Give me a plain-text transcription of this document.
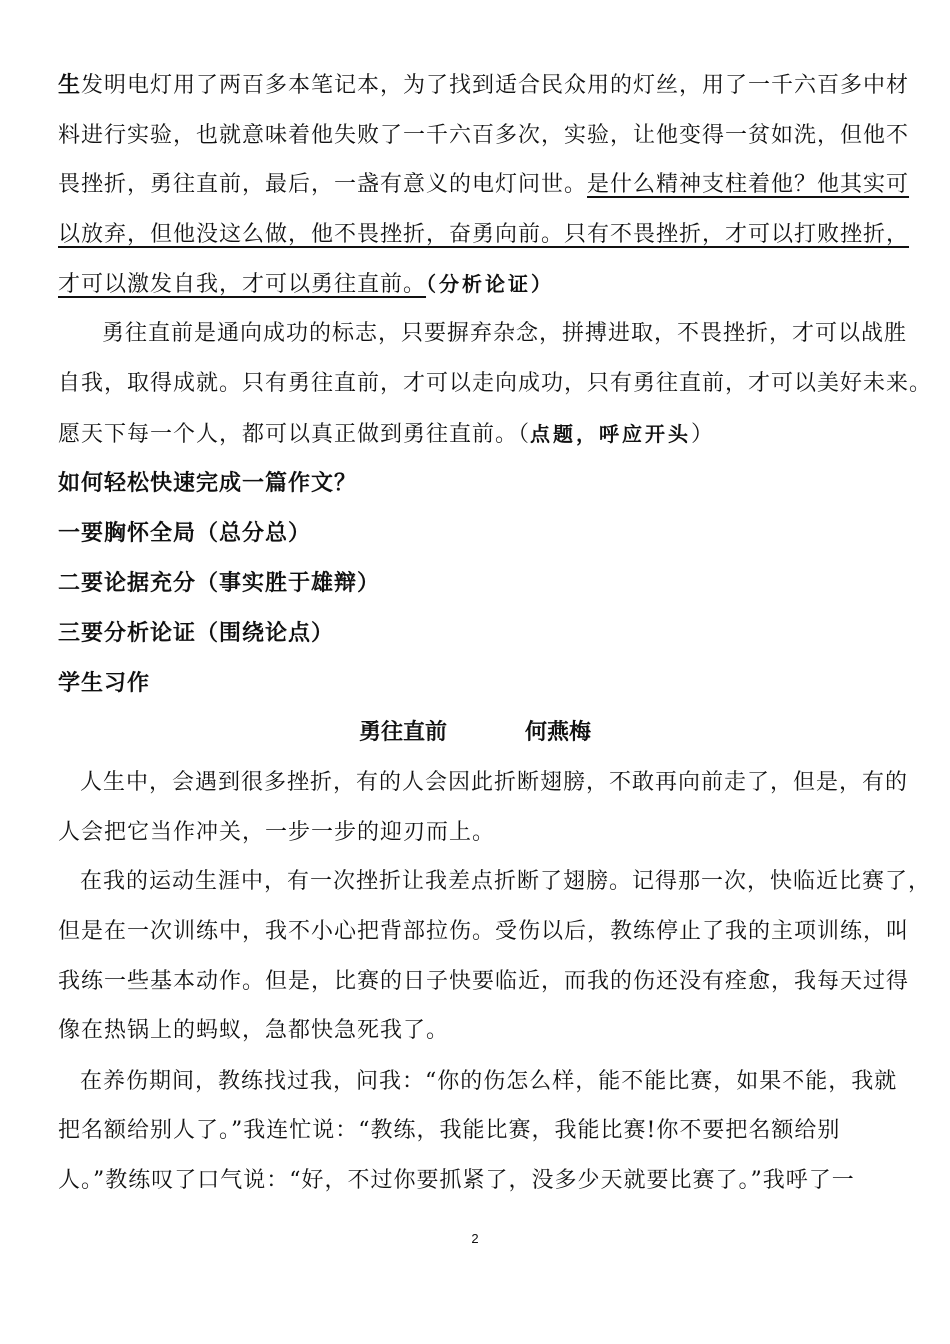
生发明电灯用了两百多本笔记本，为了找到适合民众用的灯丝，用了一千六百多中材
料进行实验，也就意味着他失败了一千六百多次，实验，让他变得一贫如洗，但他不
畏挫折，勇往直前，最后，一盏有意义的电灯问世。是什么精神支柱着他？他其实可
以放弃，但他没这么做，他不畏挫折，奋勇向前。只有不畏挫折，才可以打败挫折，
才可以激发自我，才可以勇往直前。（分析论证）
勇往直前是通向成功的标志，只要摒弃杂念，拼搏进取，不畏挫折，才可以战胜
自我，取得成就。只有勇往直前，才可以走向成功，只有勇往直前，才可以美好未来。
愿天下每一个人，都可以真正做到勇往直前。（点题，呼应开头）
如何轻松快速完成一篇作文？
一要胸怀全局（总分总）
二要论据充分（事实胜于雄辩）
三要分析论证（围绕论点）
学生习作
勇往直前	何燕梅
人生中，会遇到很多挫折，有的人会因此折断翅膀，不敢再向前走了，但是，有的
人会把它当作冲关，一步一步的迎刃而上。
在我的运动生涯中，有一次挫折让我差点折断了翅膀。记得那一次，快临近比赛了，
但是在一次训练中，我不小心把背部拉伤。受伤以后，教练停止了我的主项训练，叫
我练一些基本动作。但是，比赛的日子快要临近，而我的伤还没有痊愈，我每天过得
像在热锅上的蚂蚁，急都快急死我了。
在养伤期间，教练找过我，问我：“你的伤怎么样，能不能比赛，如果不能，我就
把名额给别人了。”我连忙说：“教练，我能比赛，我能比赛!你不要把名额给别
人。”教练叹了口气说：“好，不过你要抓紧了，没多少天就要比赛了。”我呼了一
2
